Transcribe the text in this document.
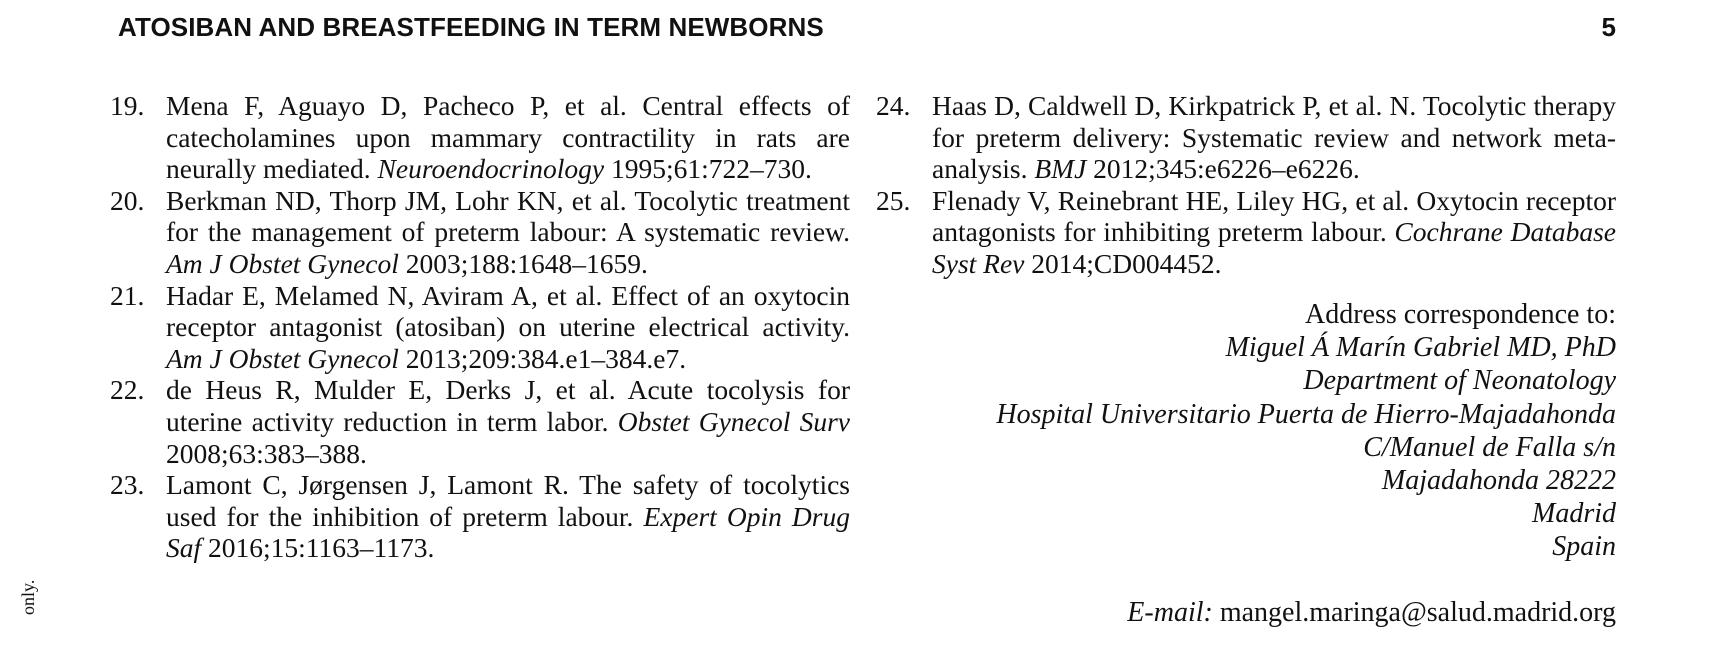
ATOSIBAN AND BREASTFEEDING IN TERM NEWBORNS	5
19. Mena F, Aguayo D, Pacheco P, et al. Central effects of catecholamines upon mammary contractility in rats are neurally mediated. Neuroendocrinology 1995;61:722–730.
20. Berkman ND, Thorp JM, Lohr KN, et al. Tocolytic treatment for the management of preterm labour: A systematic review. Am J Obstet Gynecol 2003;188:1648–1659.
21. Hadar E, Melamed N, Aviram A, et al. Effect of an oxytocin receptor antagonist (atosiban) on uterine electrical activity. Am J Obstet Gynecol 2013;209:384.e1–384.e7.
22. de Heus R, Mulder E, Derks J, et al. Acute tocolysis for uterine activity reduction in term labor. Obstet Gynecol Surv 2008;63:383–388.
23. Lamont C, Jørgensen J, Lamont R. The safety of tocolytics used for the inhibition of preterm labour. Expert Opin Drug Saf 2016;15:1163–1173.
24. Haas D, Caldwell D, Kirkpatrick P, et al. N. Tocolytic therapy for preterm delivery: Systematic review and network meta-analysis. BMJ 2012;345:e6226–e6226.
25. Flenady V, Reinebrant HE, Liley HG, et al. Oxytocin receptor antagonists for inhibiting preterm labour. Cochrane Database Syst Rev 2014;CD004452.
Address correspondence to:
Miguel Á Marín Gabriel MD, PhD
Department of Neonatology
Hospital Universitario Puerta de Hierro-Majadahonda
C/Manuel de Falla s/n
Majadahonda 28222
Madrid
Spain
E-mail: mangel.maringa@salud.madrid.org
only.
